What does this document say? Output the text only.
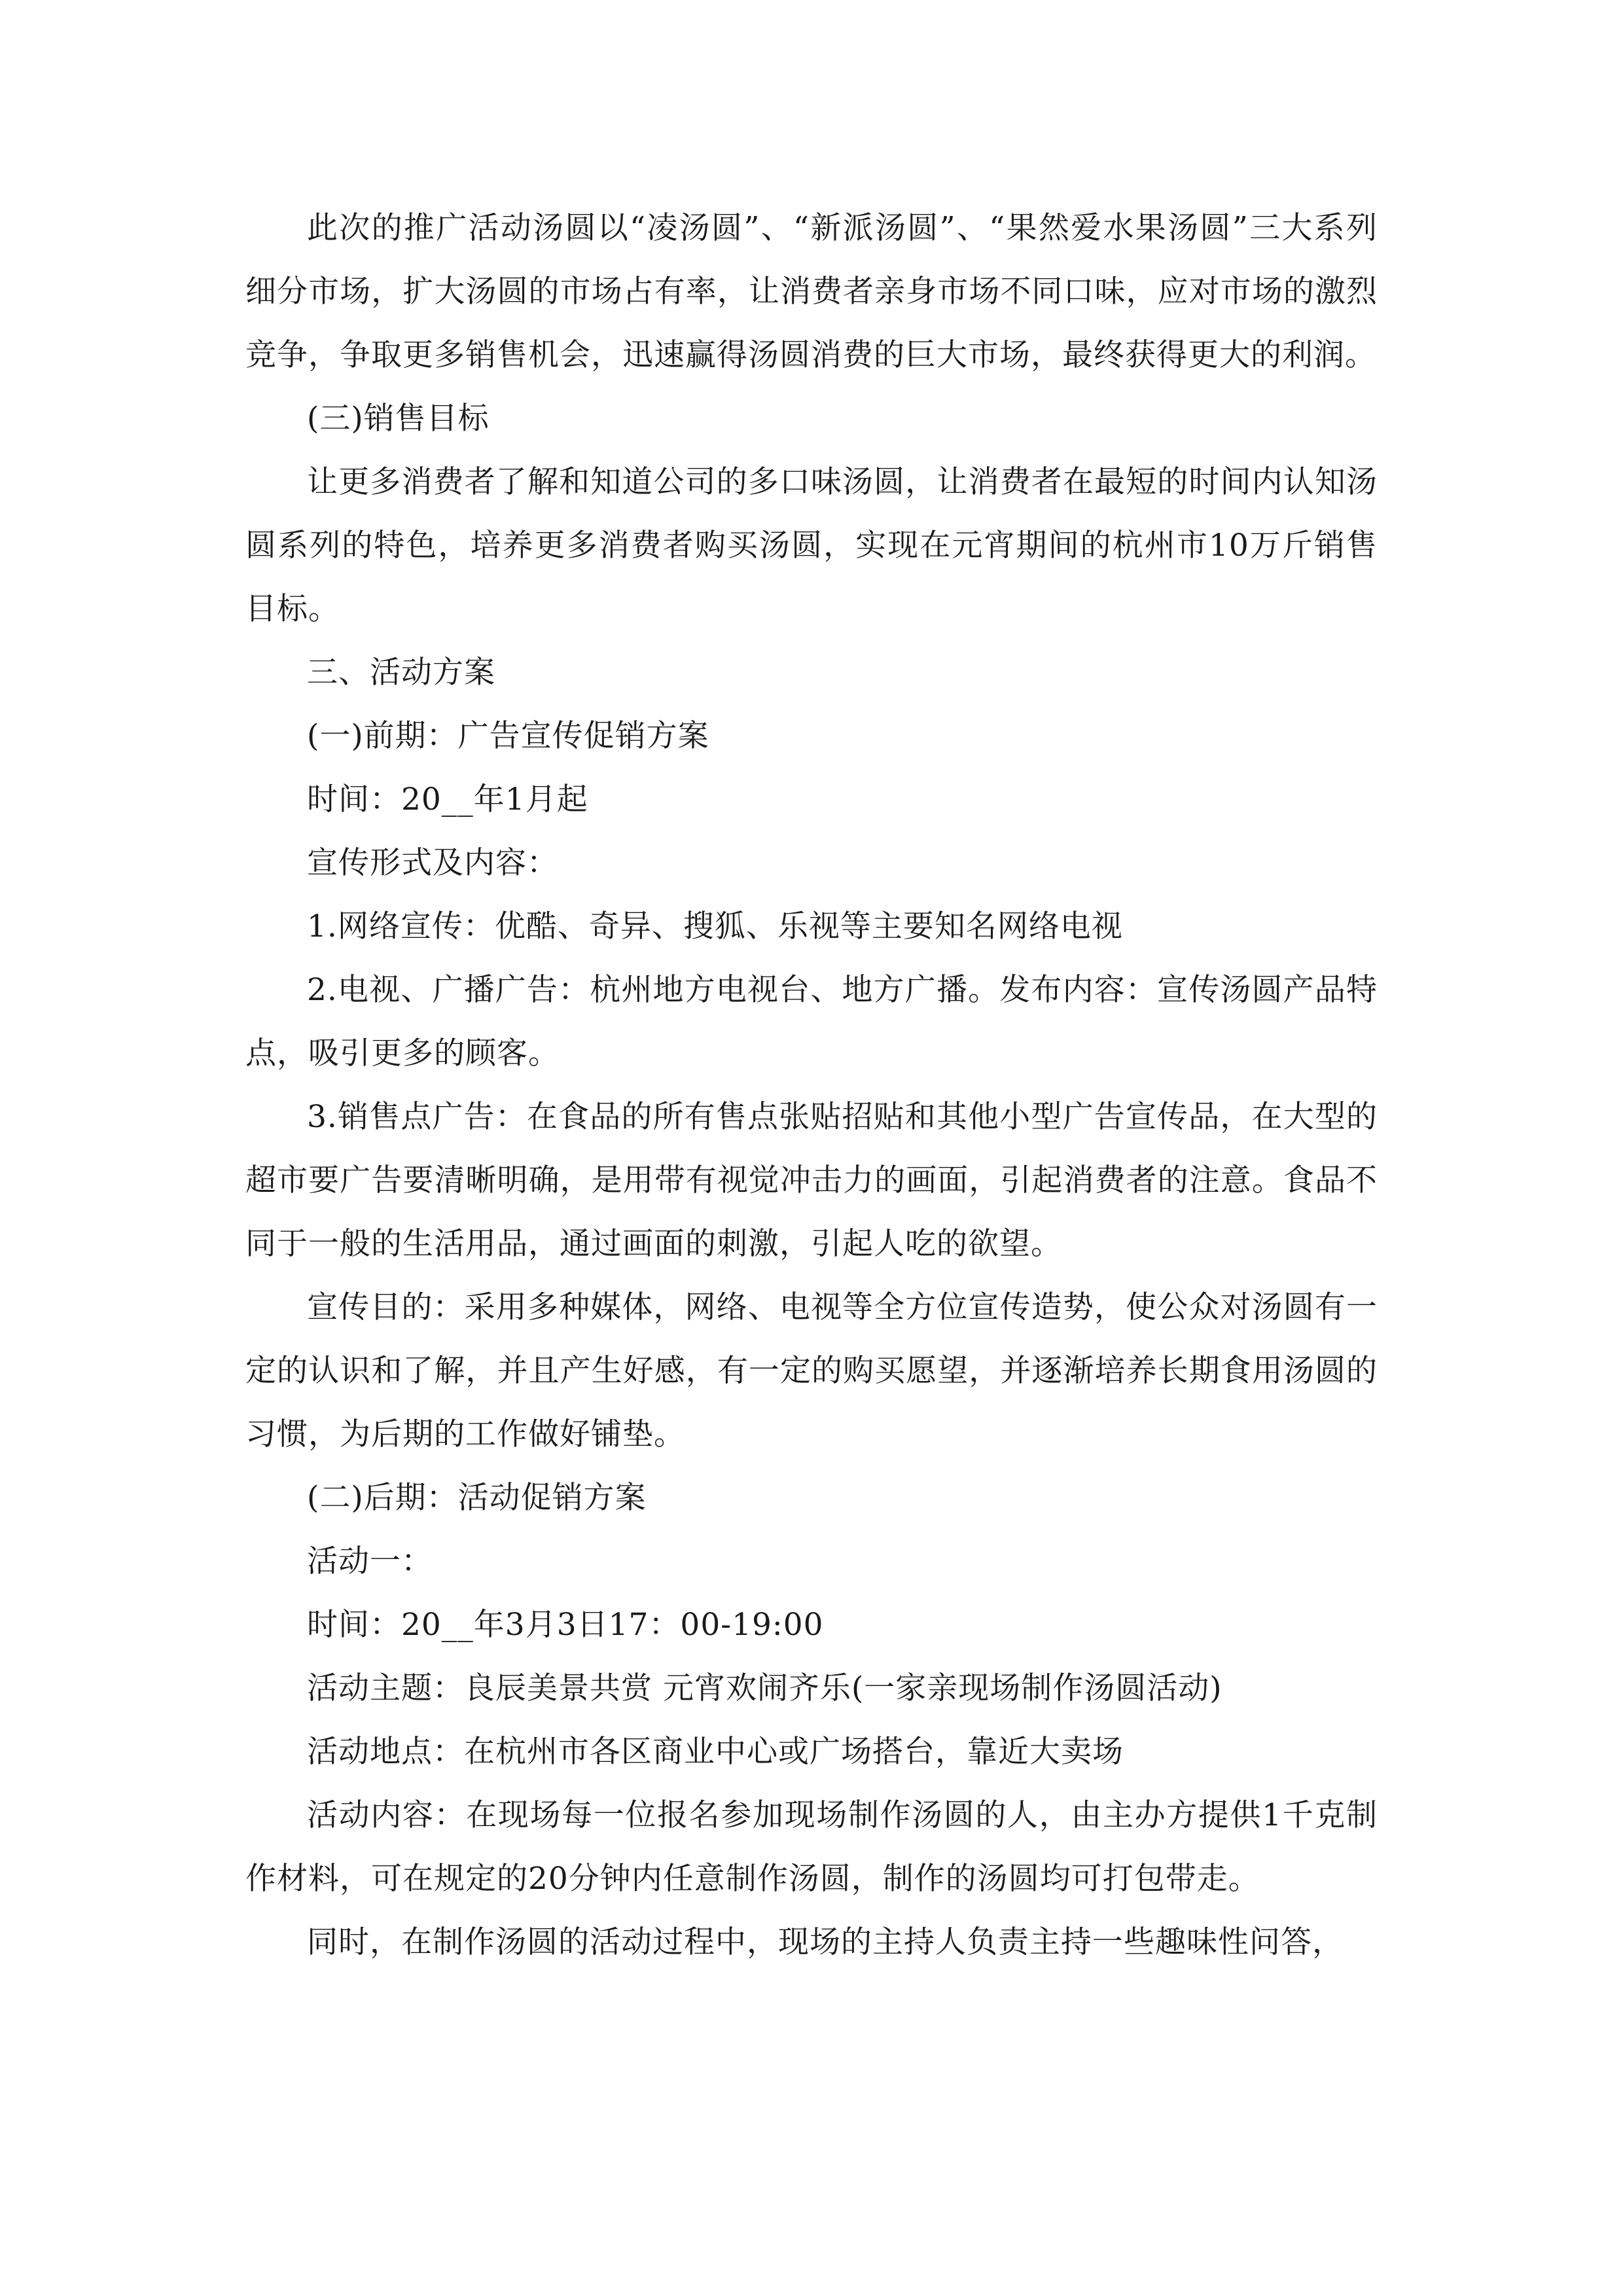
此次的推广活动汤圆以“凌汤圆”、“新派汤圆”、“果然爱水果汤圆”三大系列细分市场，扩大汤圆的市场占有率，让消费者亲身市场不同口味，应对市场的激烈竞争，争取更多销售机会，迅速赢得汤圆消费的巨大市场，最终获得更大的利润。

(三)销售目标

让更多消费者了解和知道公司的多口味汤圆，让消费者在最短的时间内认知汤圆系列的特色，培养更多消费者购买汤圆，实现在元宵期间的杭州市10万斤销售目标。

三、活动方案

(一)前期：广告宣传促销方案

时间：20__年1月起

宣传形式及内容：

1.网络宣传：优酷、奇异、搜狐、乐视等主要知名网络电视

2.电视、广播广告：杭州地方电视台、地方广播。发布内容：宣传汤圆产品特点，吸引更多的顾客。

3.销售点广告：在食品的所有售点张贴招贴和其他小型广告宣传品，在大型的超市要广告要清晰明确，是用带有视觉冲击力的画面，引起消费者的注意。食品不同于一般的生活用品，通过画面的刺激，引起人吃的欲望。

宣传目的：采用多种媒体，网络、电视等全方位宣传造势，使公众对汤圆有一定的认识和了解，并且产生好感，有一定的购买愿望，并逐渐培养长期食用汤圆的习惯，为后期的工作做好铺垫。

(二)后期：活动促销方案

活动一：

时间：20__年3月3日17：00-19:00

活动主题：良辰美景共赏 元宵欢闹齐乐(一家亲现场制作汤圆活动)

活动地点：在杭州市各区商业中心或广场搭台，靠近大卖场

活动内容：在现场每一位报名参加现场制作汤圆的人，由主办方提供1千克制作材料，可在规定的20分钟内任意制作汤圆，制作的汤圆均可打包带走。

同时，在制作汤圆的活动过程中，现场的主持人负责主持一些趣味性问答，
